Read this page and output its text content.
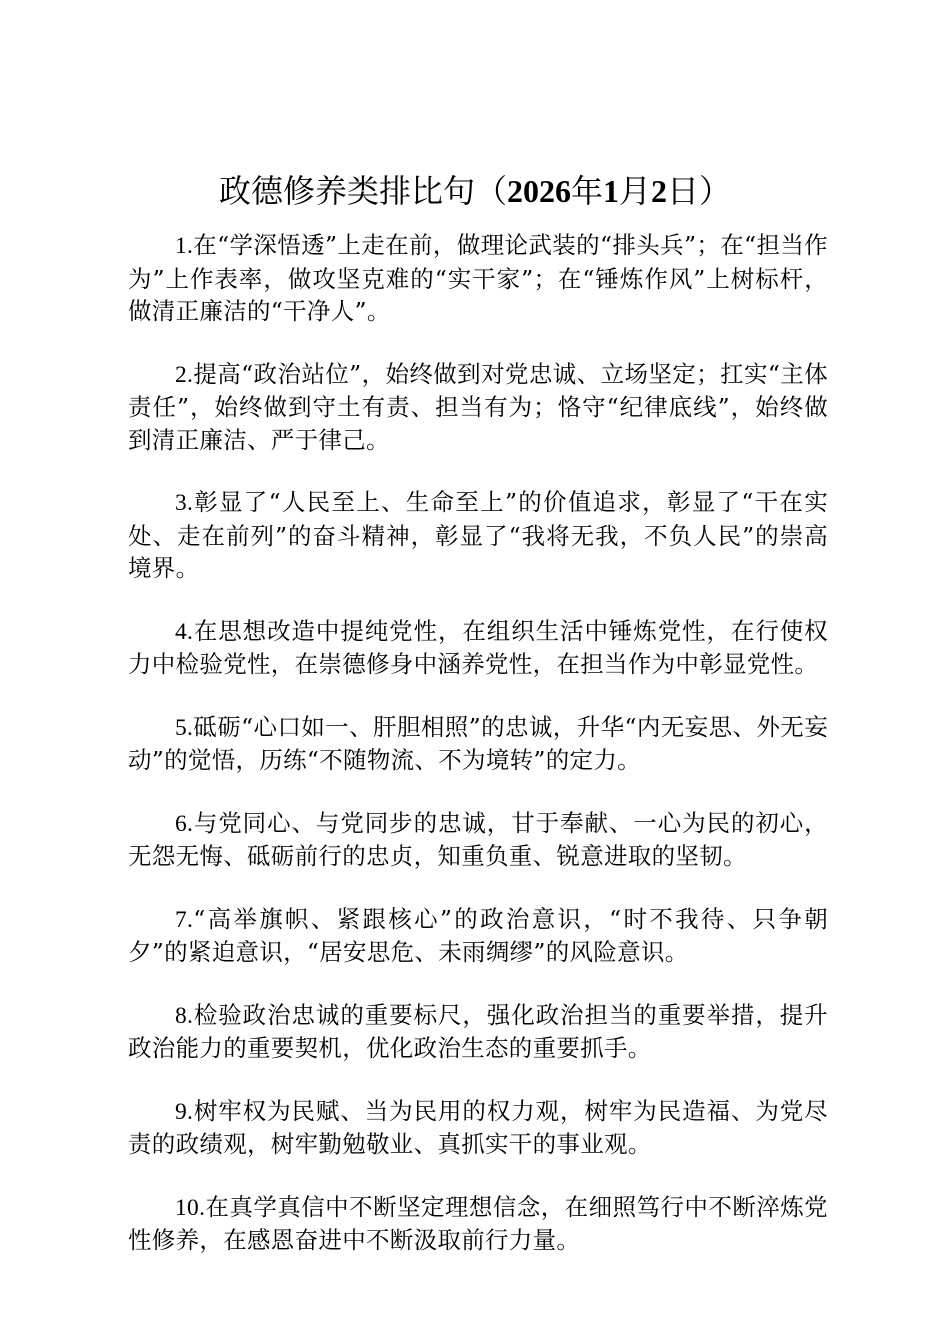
政德修养类排比句（2026年1月2日）

1.在“学深悟透”上走在前，做理论武装的“排头兵”；在“担当作为”上作表率，做攻坚克难的“实干家”；在“锤炼作风”上树标杆，做清正廉洁的“干净人”。

2.提高“政治站位”，始终做到对党忠诚、立场坚定；扛实“主体责任”，始终做到守土有责、担当有为；恪守“纪律底线”，始终做到清正廉洁、严于律己。

3.彰显了“人民至上、生命至上”的价值追求，彰显了“干在实处、走在前列”的奋斗精神，彰显了“我将无我，不负人民”的崇高境界。

4.在思想改造中提纯党性，在组织生活中锤炼党性，在行使权力中检验党性，在崇德修身中涵养党性，在担当作为中彰显党性。

5.砥砺“心口如一、肝胆相照”的忠诚，升华“内无妄思、外无妄动”的觉悟，历练“不随物流、不为境转”的定力。

6.与党同心、与党同步的忠诚，甘于奉献、一心为民的初心，无怨无悔、砥砺前行的忠贞，知重负重、锐意进取的坚韧。

7.“高举旗帜、紧跟核心”的政治意识，“时不我待、只争朝夕”的紧迫意识，“居安思危、未雨绸缪”的风险意识。

8.检验政治忠诚的重要标尺，强化政治担当的重要举措，提升政治能力的重要契机，优化政治生态的重要抓手。

9.树牢权为民赋、当为民用的权力观，树牢为民造福、为党尽责的政绩观，树牢勤勉敬业、真抓实干的事业观。

10.在真学真信中不断坚定理想信念，在细照笃行中不断淬炼党性修养，在感恩奋进中不断汲取前行力量。
